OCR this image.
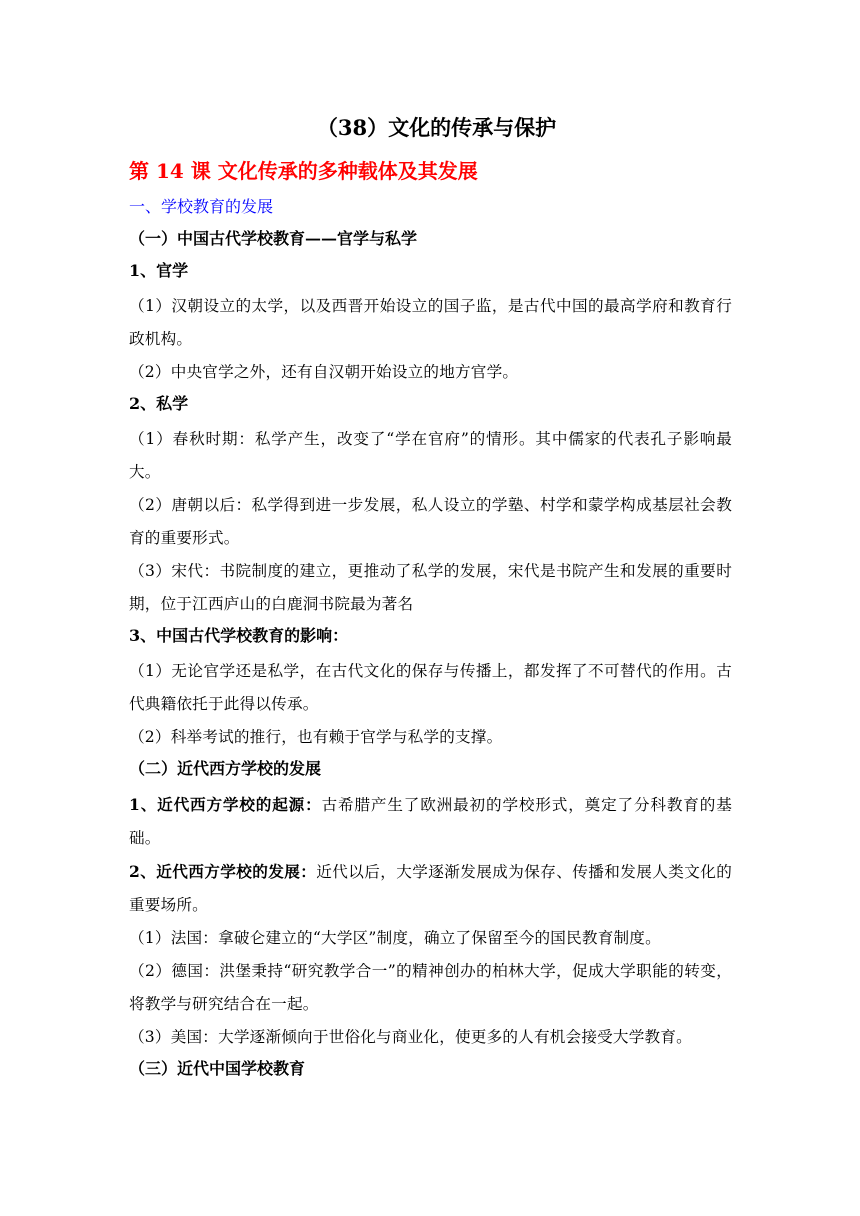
（38）文化的传承与保护
第 14 课 文化传承的多种载体及其发展
一、学校教育的发展
（一）中国古代学校教育——官学与私学
1、官学
（1）汉朝设立的太学，以及西晋开始设立的国子监，是古代中国的最高学府和教育行政机构。
（2）中央官学之外，还有自汉朝开始设立的地方官学。
2、私学
（1）春秋时期：私学产生，改变了“学在官府”的情形。其中儒家的代表孔子影响最大。
（2）唐朝以后：私学得到进一步发展，私人设立的学塾、村学和蒙学构成基层社会教育的重要形式。
（3）宋代：书院制度的建立，更推动了私学的发展，宋代是书院产生和发展的重要时期，位于江西庐山的白鹿洞书院最为著名
3、中国古代学校教育的影响：
（1）无论官学还是私学，在古代文化的保存与传播上，都发挥了不可替代的作用。古代典籍依托于此得以传承。
（2）科举考试的推行，也有赖于官学与私学的支撑。
（二）近代西方学校的发展
1、近代西方学校的起源：古希腊产生了欧洲最初的学校形式，奠定了分科教育的基础。
2、近代西方学校的发展：近代以后，大学逐渐发展成为保存、传播和发展人类文化的重要场所。
（1）法国：拿破仑建立的“大学区”制度，确立了保留至今的国民教育制度。
（2）德国：洪堡秉持“研究教学合一”的精神创办的柏林大学，促成大学职能的转变，将教学与研究结合在一起。
（3）美国：大学逐渐倾向于世俗化与商业化，使更多的人有机会接受大学教育。
（三）近代中国学校教育
